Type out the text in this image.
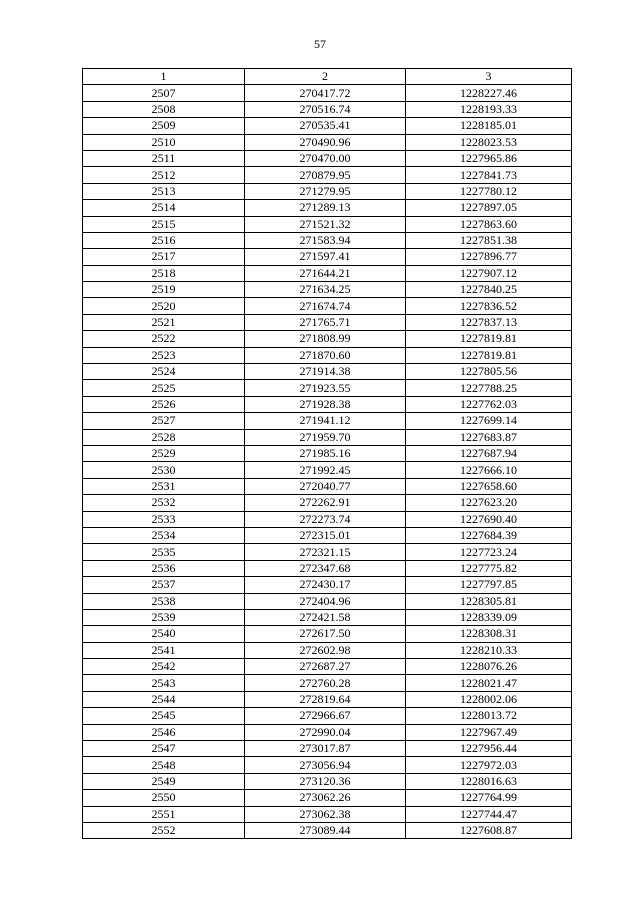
57
1	2	3
2507	270417.72	1228227.46
2508	270516.74	1228193.33
2509	270535.41	1228185.01
2510	270490.96	1228023.53
2511	270470.00	1227965.86
2512	270879.95	1227841.73
2513	271279.95	1227780.12
2514	271289.13	1227897.05
2515	271521.32	1227863.60
2516	271583.94	1227851.38
2517	271597.41	1227896.77
2518	271644.21	1227907.12
2519	271634.25	1227840.25
2520	271674.74	1227836.52
2521	271765.71	1227837.13
2522	271808.99	1227819.81
2523	271870.60	1227819.81
2524	271914.38	1227805.56
2525	271923.55	1227788.25
2526	271928.38	1227762.03
2527	271941.12	1227699.14
2528	271959.70	1227683.87
2529	271985.16	1227687.94
2530	271992.45	1227666.10
2531	272040.77	1227658.60
2532	272262.91	1227623.20
2533	272273.74	1227690.40
2534	272315.01	1227684.39
2535	272321.15	1227723.24
2536	272347.68	1227775.82
2537	272430.17	1227797.85
2538	272404.96	1228305.81
2539	272421.58	1228339.09
2540	272617.50	1228308.31
2541	272602.98	1228210.33
2542	272687.27	1228076.26
2543	272760.28	1228021.47
2544	272819.64	1228002.06
2545	272966.67	1228013.72
2546	272990.04	1227967.49
2547	273017.87	1227956.44
2548	273056.94	1227972.03
2549	273120.36	1228016.63
2550	273062.26	1227764.99
2551	273062.38	1227744.47
2552	273089.44	1227608.87
